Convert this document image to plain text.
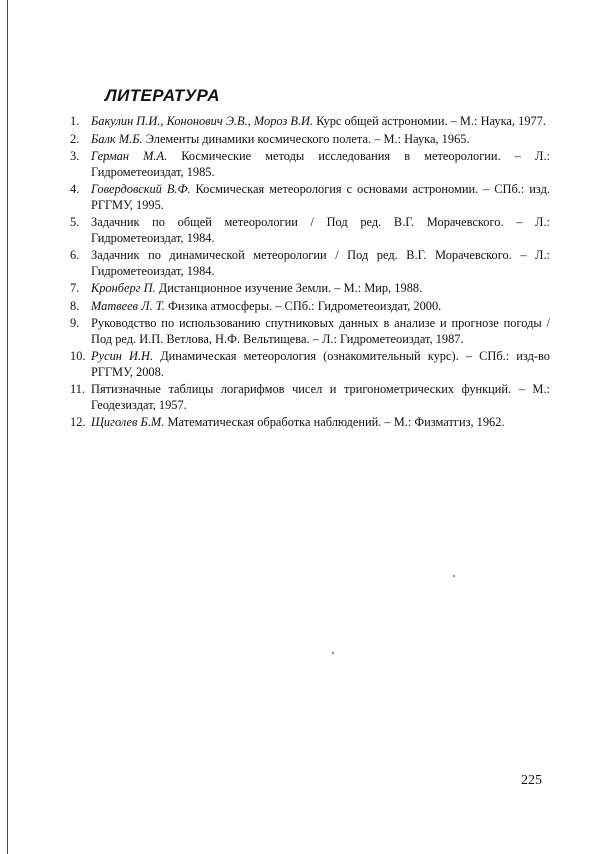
ЛИТЕРАТУРА
1. Бакулин П.И., Кононович Э.В., Мороз В.И. Курс общей астрономии. – М.: Наука, 1977.
2. Балк М.Б. Элементы динамики космического полета. – М.: Наука, 1965.
3. Герман М.А. Космические методы исследования в метеорологии. – Л.: Гидрометеоиздат, 1985.
4. Говердовский В.Ф. Космическая метеорология с основами астрономии. – СПб.: изд. РГГМУ, 1995.
5. Задачник по общей метеорологии / Под ред. В.Г. Морачевского. – Л.: Гидрометеоиздат, 1984.
6. Задачник по динамической метеорологии / Под ред. В.Г. Морачевского. – Л.: Гидрометеоиздат, 1984.
7. Кронберг П. Дистанционное изучение Земли. – М.: Мир, 1988.
8. Матвеев Л. Т. Физика атмосферы. – СПб.: Гидрометеоиздат, 2000.
9. Руководство по использованию спутниковых данных в анализе и прогнозе погоды / Под ред. И.П. Ветлова, Н.Ф. Вельтищева. – Л.: Гидрометеоиздат, 1987.
10. Русин И.Н. Динамическая метеорология (ознакомительный курс). – СПб.: изд-во РГГМУ, 2008.
11. Пятизначные таблицы логарифмов чисел и тригонометрических функций. – М.: Геодезиздат, 1957.
12. Щиголев Б.М. Математическая обработка наблюдений. – М.: Физматгиз, 1962.
225
